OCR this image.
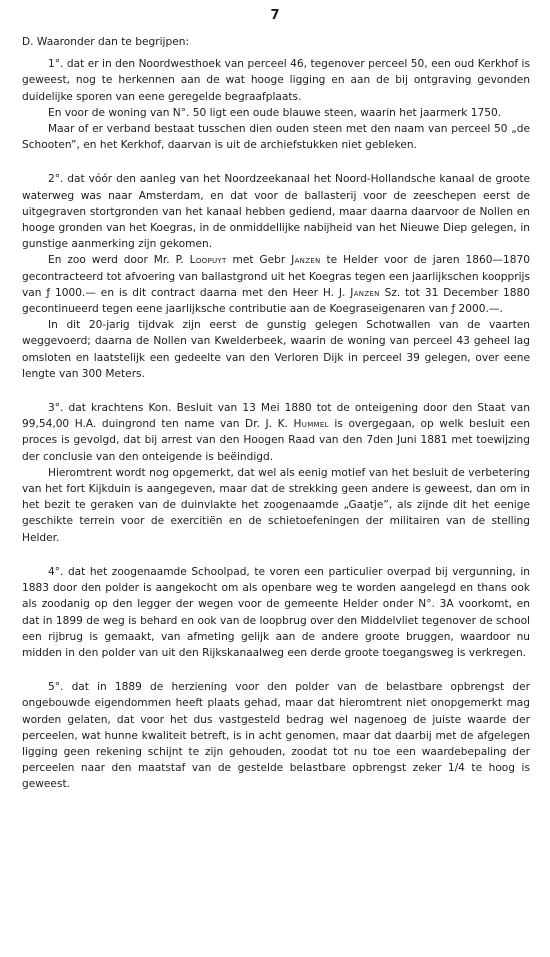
7

D. Waaronder dan te begrijpen:

1°. dat er in den Noordwesthoek van perceel 46, tegenover perceel 50, een oud Kerkhof is geweest, nog te herkennen aan de wat hooge ligging en aan de bij ontgraving gevonden duidelijke sporen van eene geregelde begraafplaats.

En voor de woning van N°. 50 ligt een oude blauwe steen, waarin het jaarmerk 1750.

Maar of er verband bestaat tusschen dien ouden steen met den naam van perceel 50 „de Schooten”, en het Kerkhof, daarvan is uit de archiefstukken niet gebleken.

2°. dat vóór den aanleg van het Noordzeekanaal het Noord-Hollandsche kanaal de groote waterweg was naar Amsterdam, en dat voor de ballasterij voor de zeeschepen eerst de uitgegraven stortgronden van het kanaal hebben gediend, maar daarna daarvoor de Nollen en hooge gronden van het Koegras, in de onmiddellijke nabijheid van het Nieuwe Diep gelegen, in gunstige aanmerking zijn gekomen.

En zoo werd door Mr. P. Loopuyt met Gebr Janzen te Helder voor de jaren 1860—1870 gecontracteerd tot afvoering van ballastgrond uit het Koegras tegen een jaarlijkschen koopprijs van ƒ 1000.— en is dit contract daarna met den Heer H. J. Janzen Sz. tot 31 December 1880 gecontinueerd tegen eene jaarlijksche contributie aan de Koegraseigenaren van ƒ 2000.—.

In dit 20-jarig tijdvak zijn eerst de gunstig gelegen Schotwallen van de vaarten weggevoerd; daarna de Nollen van Kwelderbeek, waarin de woning van perceel 43 geheel lag omsloten en laatstelijk een gedeelte van den Verloren Dijk in perceel 39 gelegen, over eene lengte van 300 Meters.

3°. dat krachtens Kon. Besluit van 13 Mei 1880 tot de onteigening door den Staat van 99,54,00 H.A. duingrond ten name van Dr. J. K. Hummel is overgegaan, op welk besluit een proces is gevolgd, dat bij arrest van den Hoogen Raad van den 7den Juni 1881 met toewijzing der conclusie van den onteigende is beëindigd.

Hieromtrent wordt nog opgemerkt, dat wel als eenig motief van het besluit de verbetering van het fort Kijkduin is aangegeven, maar dat de strekking geen andere is geweest, dan om in het bezit te geraken van de duinvlakte het zoogenaamde „Gaatje”, als zijnde dit het eenige geschikte terrein voor de exercitiën en de schietoefeningen der militairen van de stelling Helder.

4°. dat het zoogenaamde Schoolpad, te voren een particulier overpad bij vergunning, in 1883 door den polder is aangekocht om als openbare weg te worden aangelegd en thans ook als zoodanig op den legger der wegen voor de gemeente Helder onder N°. 3A voorkomt, en dat in 1899 de weg is behard en ook van de loopbrug over den Middelvliet tegenover de school een rijbrug is gemaakt, van afmeting gelijk aan de andere groote bruggen, waardoor nu midden in den polder van uit den Rijkskanaalweg een derde groote toegangsweg is verkregen.

5°. dat in 1889 de herziening voor den polder van de belastbare opbrengst der ongebouwde eigendommen heeft plaats gehad, maar dat hieromtrent niet onopgemerkt mag worden gelaten, dat voor het dus vastgesteld bedrag wel nagenoeg de juiste waarde der perceelen, wat hunne kwaliteit betreft, is in acht genomen, maar dat daarbij met de afgelegen ligging geen rekening schijnt te zijn gehouden, zoodat tot nu toe een waardebepaling der perceelen naar den maatstaf van de gestelde belastbare opbrengst zeker 1/4 te hoog is geweest.
